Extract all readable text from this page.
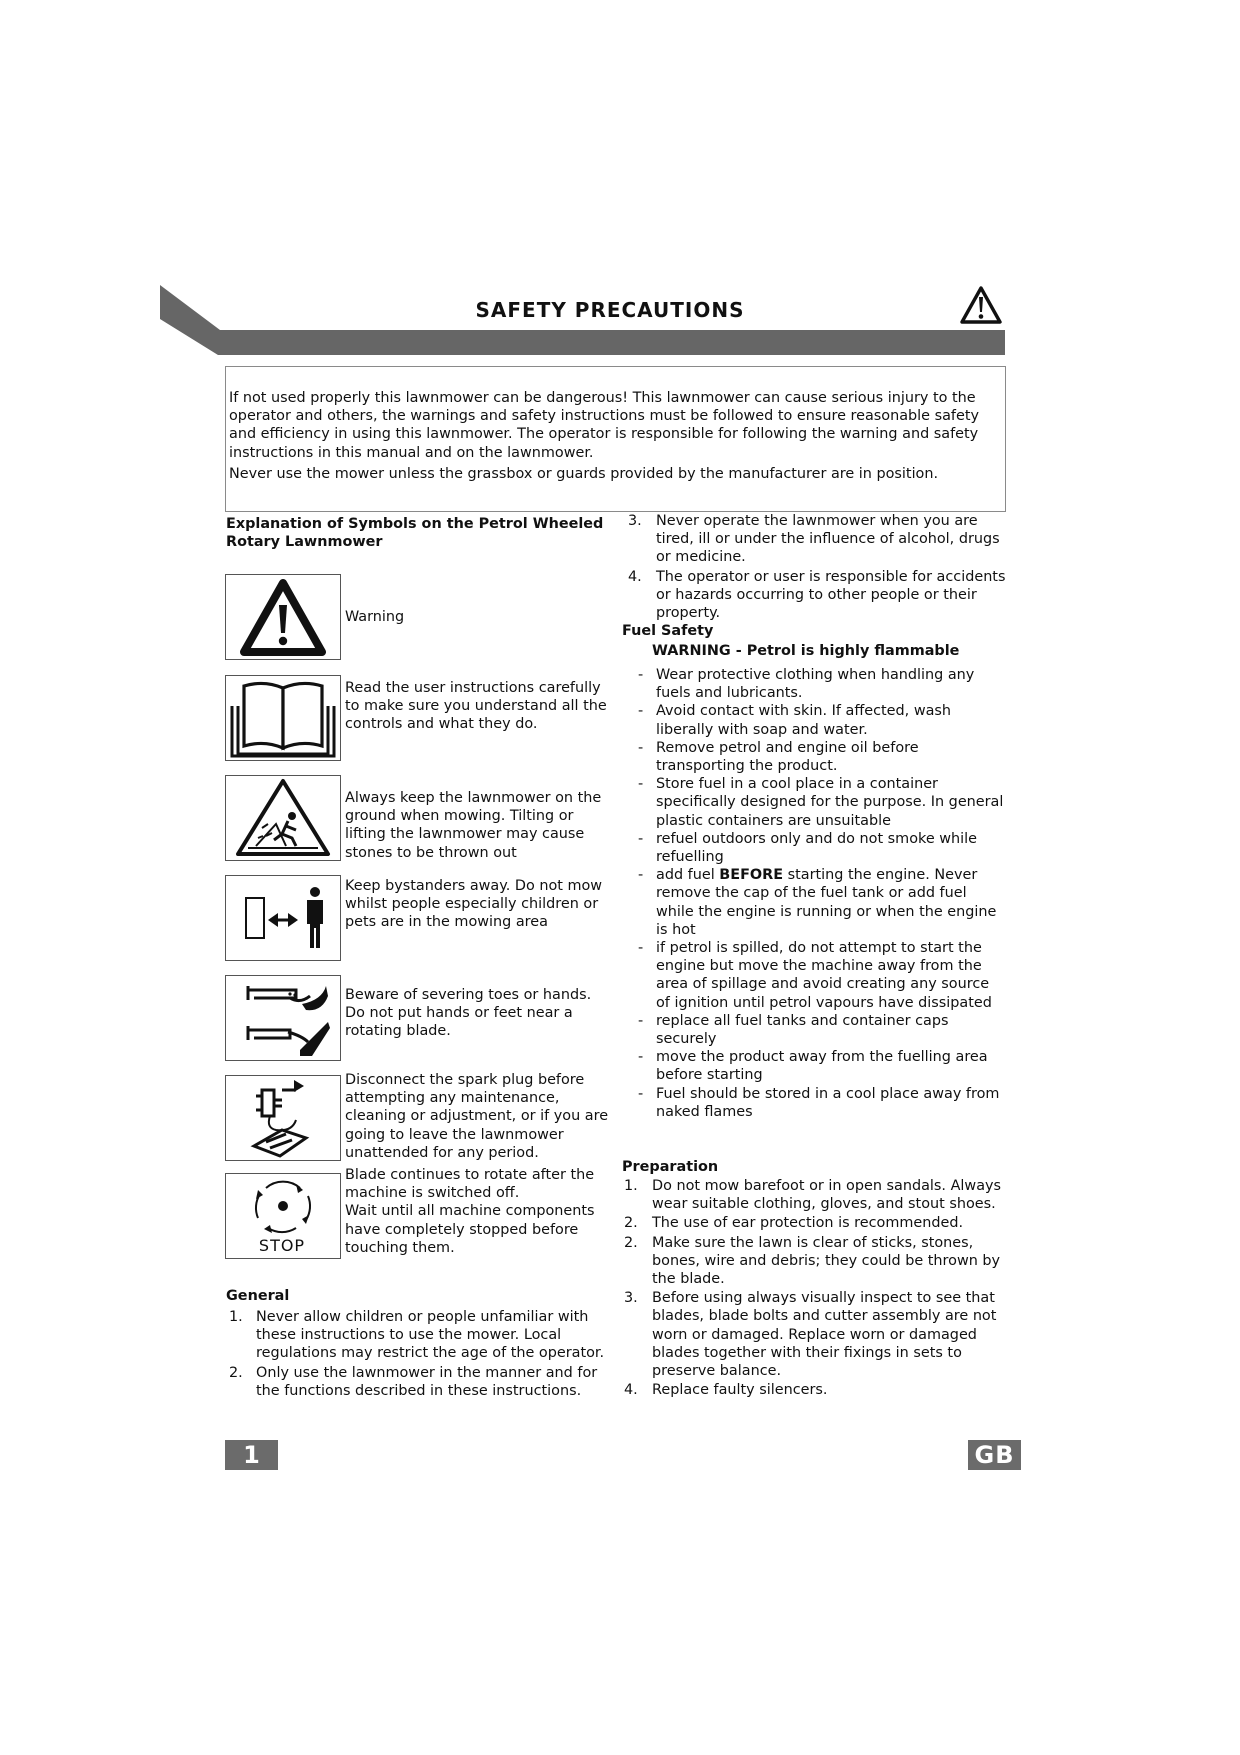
SAFETY PRECAUTIONS

If not used properly this lawnmower can be dangerous! This lawnmower can cause serious injury to the operator and others, the warnings and safety instructions must be followed to ensure reasonable safety and efficiency in using this lawnmower. The operator is responsible for following the warning and safety instructions in this manual and on the lawnmower.

Never use the mower unless the grassbox or guards provided by the manufacturer are in position.

Explanation of Symbols on the Petrol Wheeled Rotary Lawnmower
Warning
Read the user instructions carefully to make sure you understand all the controls and what they do.
Always keep the lawnmower on the ground when mowing. Tilting or lifting the lawnmower may cause stones to be thrown out
Keep bystanders away. Do not mow whilst people especially children or pets are in the mowing area
Beware of severing toes or hands. Do not put hands or feet near a rotating blade.
Disconnect the spark plug before attempting any maintenance, cleaning or adjustment, or if you are going to leave the lawnmower unattended for any period.
STOP
Blade continues to rotate after the machine is switched off.
Wait until all machine components have completely stopped before touching them.
General
1. Never allow children or people unfamiliar with these instructions to use the mower. Local regulations may restrict the age of the operator.
2. Only use the lawnmower in the manner and for the functions described in these instructions.
3. Never operate the lawnmower when you are tired, ill or under the influence of alcohol, drugs or medicine.
4. The operator or user is responsible for accidents or hazards occurring to other people or their property.
Fuel Safety
WARNING - Petrol is highly flammable
- Wear protective clothing when handling any fuels and lubricants.
- Avoid contact with skin. If affected, wash liberally with soap and water.
- Remove petrol and engine oil before transporting the product.
- Store fuel in a cool place in a container specifically designed for the purpose. In general plastic containers are unsuitable
- refuel outdoors only and do not smoke while refuelling
- add fuel BEFORE starting the engine. Never remove the cap of the fuel tank or add fuel while the engine is running or when the engine is hot
- if petrol is spilled, do not attempt to start the engine but move the machine away from the area of spillage and avoid creating any source of ignition until petrol vapours have dissipated
- replace all fuel tanks and container caps securely
- move the product away from the fuelling area before starting
- Fuel should be stored in a cool place away from naked flames
Preparation
1. Do not mow barefoot or in open sandals. Always wear suitable clothing, gloves, and stout shoes.
2. The use of ear protection is recommended.
2. Make sure the lawn is clear of sticks, stones, bones, wire and debris; they could be thrown by the blade.
3. Before using always visually inspect to see that blades, blade bolts and cutter assembly are not worn or damaged. Replace worn or damaged blades together with their fixings in sets to preserve balance.
4. Replace faulty silencers.
1	GB
